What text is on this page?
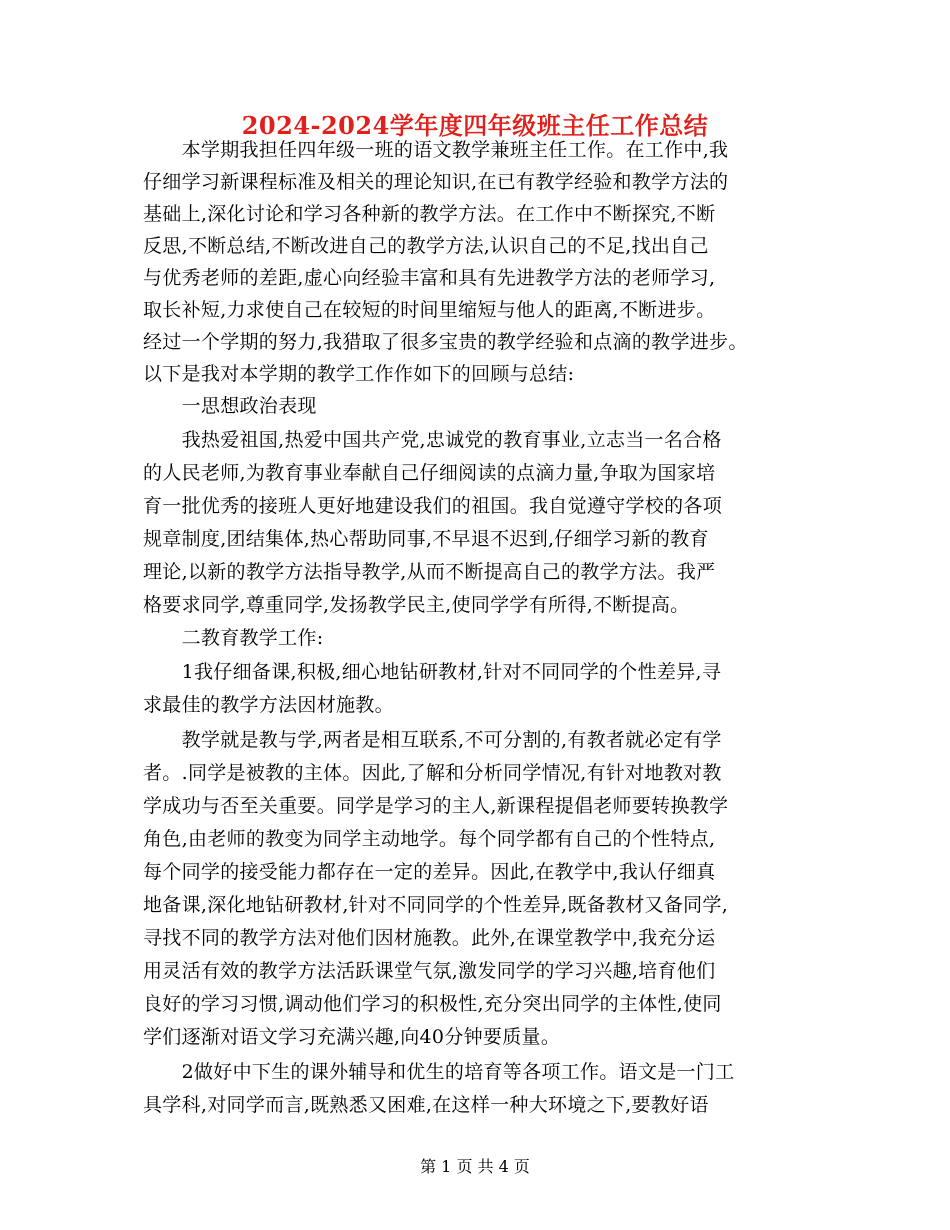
2024-2024学年度四年级班主任工作总结
　　本学期我担任四年级一班的语文教学兼班主任工作。在工作中,我
仔细学习新课程标准及相关的理论知识,在已有教学经验和教学方法的
基础上,深化讨论和学习各种新的教学方法。在工作中不断探究,不断
反思,不断总结,不断改进自己的教学方法,认识自己的不足,找出自己
与优秀老师的差距,虚心向经验丰富和具有先进教学方法的老师学习,
取长补短,力求使自己在较短的时间里缩短与他人的距离,不断进步。
经过一个学期的努力,我猎取了很多宝贵的教学经验和点滴的教学进步。
以下是我对本学期的教学工作作如下的回顾与总结:
　　一思想政治表现
　　我热爱祖国,热爱中国共产党,忠诚党的教育事业,立志当一名合格
的人民老师,为教育事业奉献自己仔细阅读的点滴力量,争取为国家培
育一批优秀的接班人更好地建设我们的祖国。我自觉遵守学校的各项
规章制度,团结集体,热心帮助同事,不早退不迟到,仔细学习新的教育
理论,以新的教学方法指导教学,从而不断提高自己的教学方法。我严
格要求同学,尊重同学,发扬教学民主,使同学学有所得,不断提高。
　　二教育教学工作:
　　1我仔细备课,积极,细心地钻研教材,针对不同同学的个性差异,寻
求最佳的教学方法因材施教。
　　教学就是教与学,两者是相互联系,不可分割的,有教者就必定有学
者。.同学是被教的主体。因此,了解和分析同学情况,有针对地教对教
学成功与否至关重要。同学是学习的主人,新课程提倡老师要转换教学
角色,由老师的教变为同学主动地学。每个同学都有自己的个性特点,
每个同学的接受能力都存在一定的差异。因此,在教学中,我认仔细真
地备课,深化地钻研教材,针对不同同学的个性差异,既备教材又备同学,
寻找不同的教学方法对他们因材施教。此外,在课堂教学中,我充分运
用灵活有效的教学方法活跃课堂气氛,激发同学的学习兴趣,培育他们
良好的学习习惯,调动他们学习的积极性,充分突出同学的主体性,使同
学们逐渐对语文学习充满兴趣,向40分钟要质量。
　　2做好中下生的课外辅导和优生的培育等各项工作。语文是一门工
具学科,对同学而言,既熟悉又困难,在这样一种大环境之下,要教好语
第 1 页 共 4 页
